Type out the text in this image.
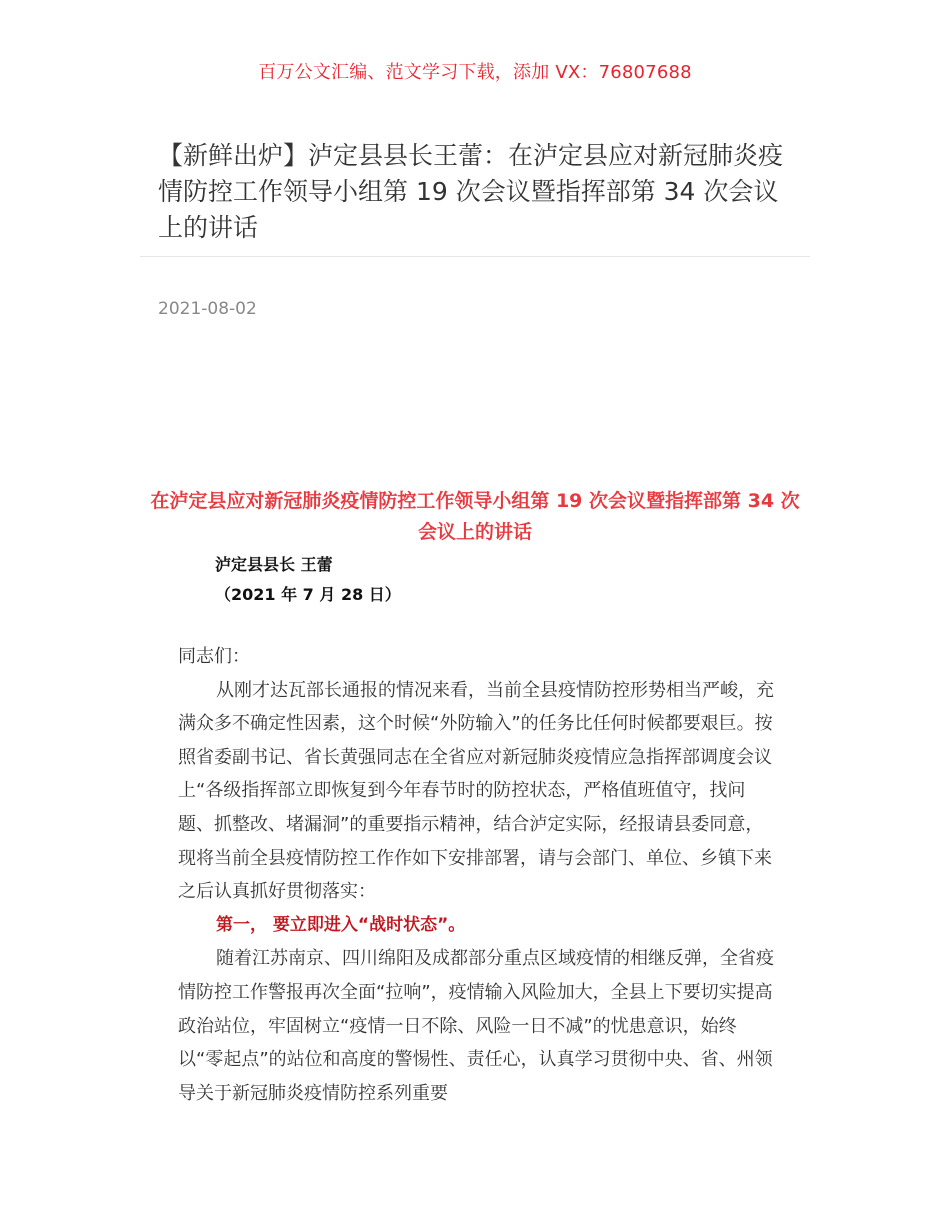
百万公文汇编、范文学习下载，添加 VX：76807688
【新鲜出炉】泸定县县长王蕾：在泸定县应对新冠肺炎疫情防控工作领导小组第 19 次会议暨指挥部第 34 次会议上的讲话
2021-08-02
在泸定县应对新冠肺炎疫情防控工作领导小组第 19 次会议暨指挥部第 34 次会议上的讲话
泸定县县长 王蕾
（2021 年 7 月 28 日）

同志们：

从刚才达瓦部长通报的情况来看，当前全县疫情防控形势相当严峻，充满众多不确定性因素，这个时候“外防输入”的任务比任何时候都要艰巨。按照省委副书记、省长黄强同志在全省应对新冠肺炎疫情应急指挥部调度会议上“各级指挥部立即恢复到今年春节时的防控状态，严格值班值守，找问题、抓整改、堵漏洞”的重要指示精神，结合泸定实际，经报请县委同意，现将当前全县疫情防控工作作如下安排部署，请与会部门、单位、乡镇下来之后认真抓好贯彻落实：

第一， 要立即进入“战时状态”。

随着江苏南京、四川绵阳及成都部分重点区域疫情的相继反弹，全省疫情防控工作警报再次全面“拉响”，疫情输入风险加大，全县上下要切实提高政治站位，牢固树立“疫情一日不除、风险一日不减”的忧患意识，始终以“零起点”的站位和高度的警惕性、责任心，认真学习贯彻中央、省、州领导关于新冠肺炎疫情防控系列重要
